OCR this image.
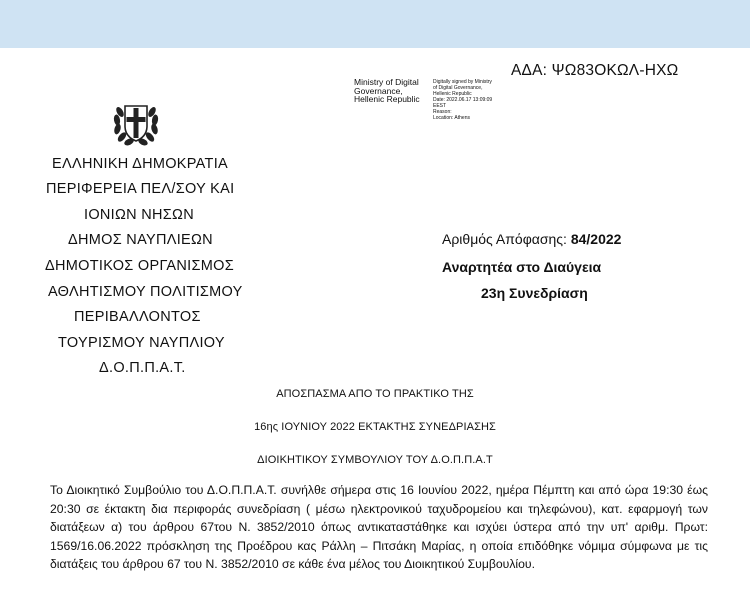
ΑΔΑ: ΨΩ83ΟΚΩΛ-ΗΧΩ
Ministry of Digital
Governance,
Hellenic Republic
Digitally signed by Ministry
of Digital Governance,
Hellenic Republic
Date: 2022.06.17 13:09:09
EEST
Reason:
Location: Athens
ΕΛΛΗΝΙΚΗ ΔΗΜΟΚΡΑΤΙΑ
ΠΕΡΙΦΕΡΕΙΑ ΠΕΛ/ΣΟΥ ΚΑΙ
ΙΟΝΙΩΝ ΝΗΣΩΝ
ΔΗΜΟΣ ΝΑΥΠΛΙΕΩΝ
ΔΗΜΟΤΙΚΟΣ ΟΡΓΑΝΙΣΜΟΣ
ΑΘΛΗΤΙΣΜΟΥ ΠΟΛΙΤΙΣΜΟΥ
ΠΕΡΙΒΑΛΛΟΝΤΟΣ
ΤΟΥΡΙΣΜΟΥ ΝΑΥΠΛΙΟΥ
Δ.Ο.Π.Π.Α.Τ.
Αριθμός Απόφασης: 84/2022
Αναρτητέα στο Διαύγεια
23η Συνεδρίαση
ΑΠΟΣΠΑΣΜΑ ΑΠΟ ΤΟ ΠΡΑΚΤΙΚΟ ΤΗΣ
16ης ΙΟΥΝΙΟΥ 2022 ΕΚΤΑΚΤΗΣ ΣΥΝΕΔΡΙΑΣΗΣ
ΔΙΟΙΚΗΤΙΚΟΥ ΣΥΜΒΟΥΛΙΟΥ ΤΟΥ Δ.Ο.Π.Π.Α.Τ
Το Διοικητικό Συμβούλιο του Δ.Ο.Π.Π.Α.Τ. συνήλθε σήμερα στις 16 Ιουνίου 2022, ημέρα Πέμπτη και από ώρα 19:30 έως 20:30 σε έκτακτη δια περιφοράς συνεδρίαση ( μέσω ηλεκτρονικού ταχυδρομείου και τηλεφώνου), κατ. εφαρμογή των διατάξεων α) του άρθρου 67του Ν. 3852/2010 όπως αντικαταστάθηκε και ισχύει ύστερα από την υπ' αριθμ. Πρωτ: 1569/16.06.2022 πρόσκληση της Προέδρου κας Ράλλη – Πιτσάκη Μαρίας, η οποία επιδόθηκε νόμιμα σύμφωνα με τις διατάξεις του άρθρου 67 του Ν. 3852/2010 σε κάθε ένα μέλος του Διοικητικού Συμβουλίου.
